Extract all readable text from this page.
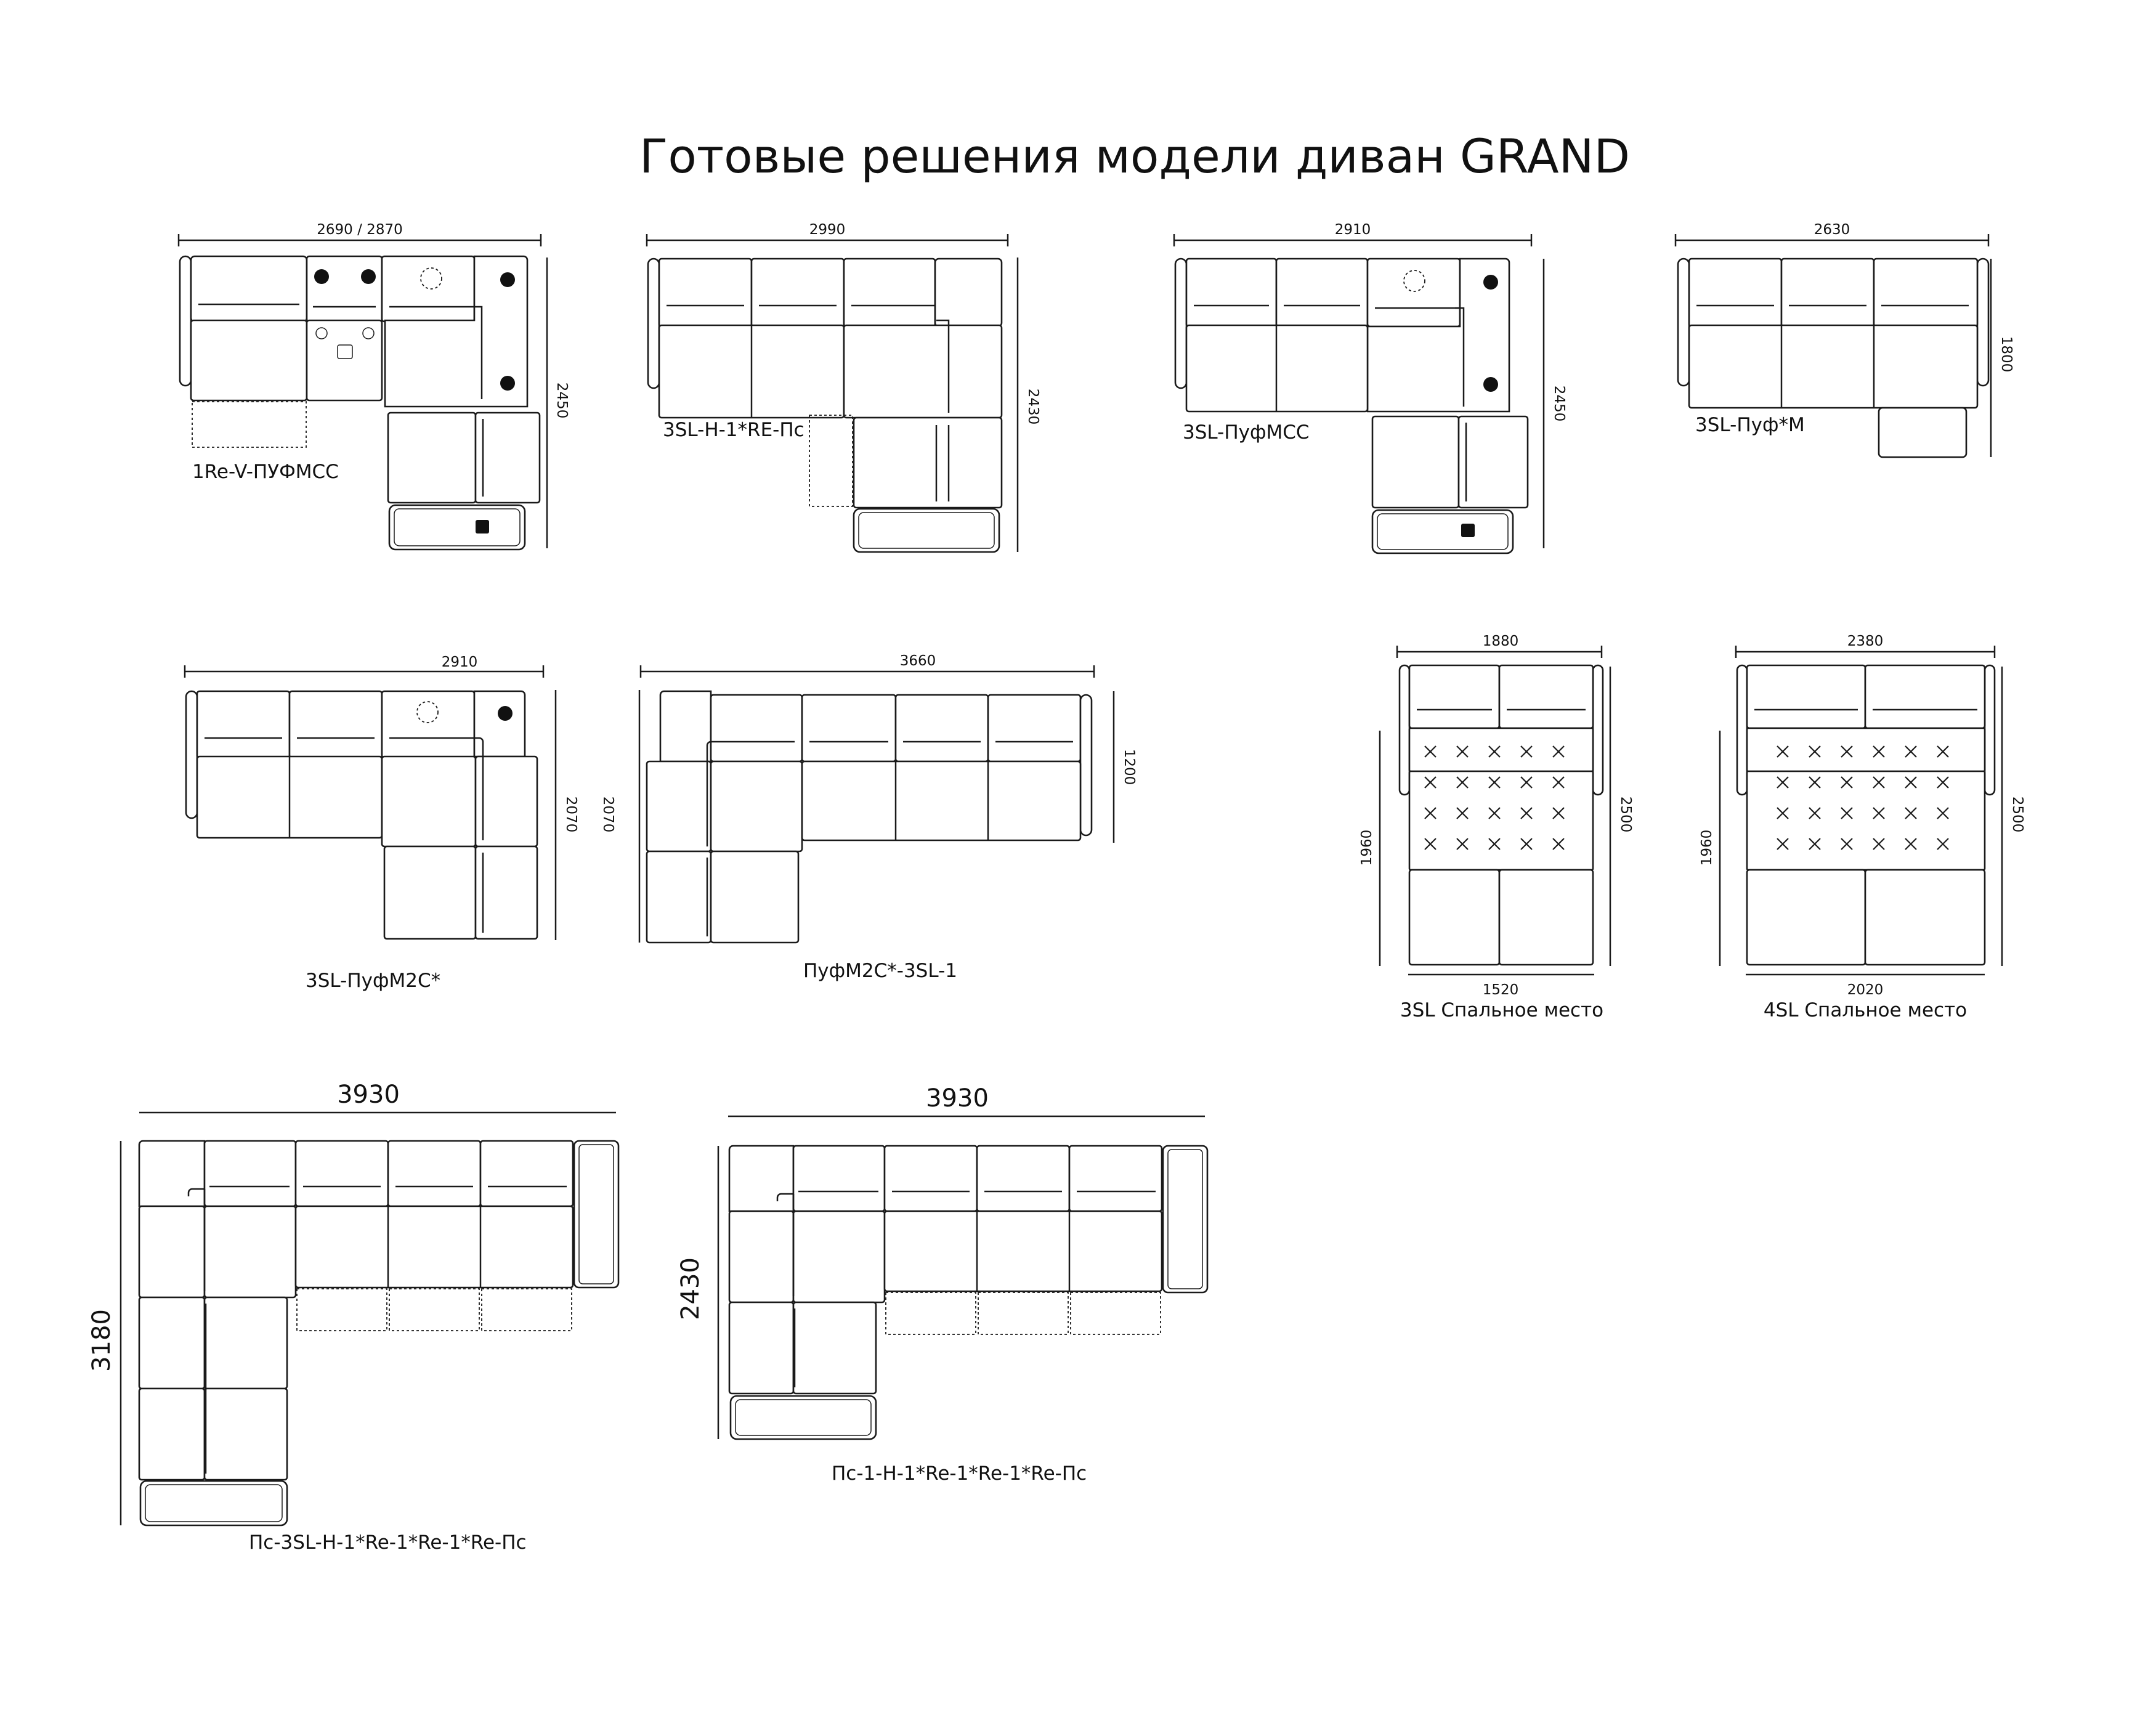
Готовые решения модели диван GRAND
2690 / 2870
2450
1Re-V-ПУФМСС
2990
2430
3SL-H-1*RE-Пс
2910
2450
3SL-ПуфМСС
2630
1800
3SL-Пуф*М
2910
2070
3SL-ПуфМ2С*
3660
2070
1200
ПуфМ2С*-3SL-1
1880
2500
1960
1520
3SL Спальное место
2380
2500
1960
2020
4SL Спальное место
3930
3180
Пс-3SL-H-1*Re-1*Re-1*Re-Пс
3930
2430
Пс-1-H-1*Re-1*Re-1*Re-Пс
